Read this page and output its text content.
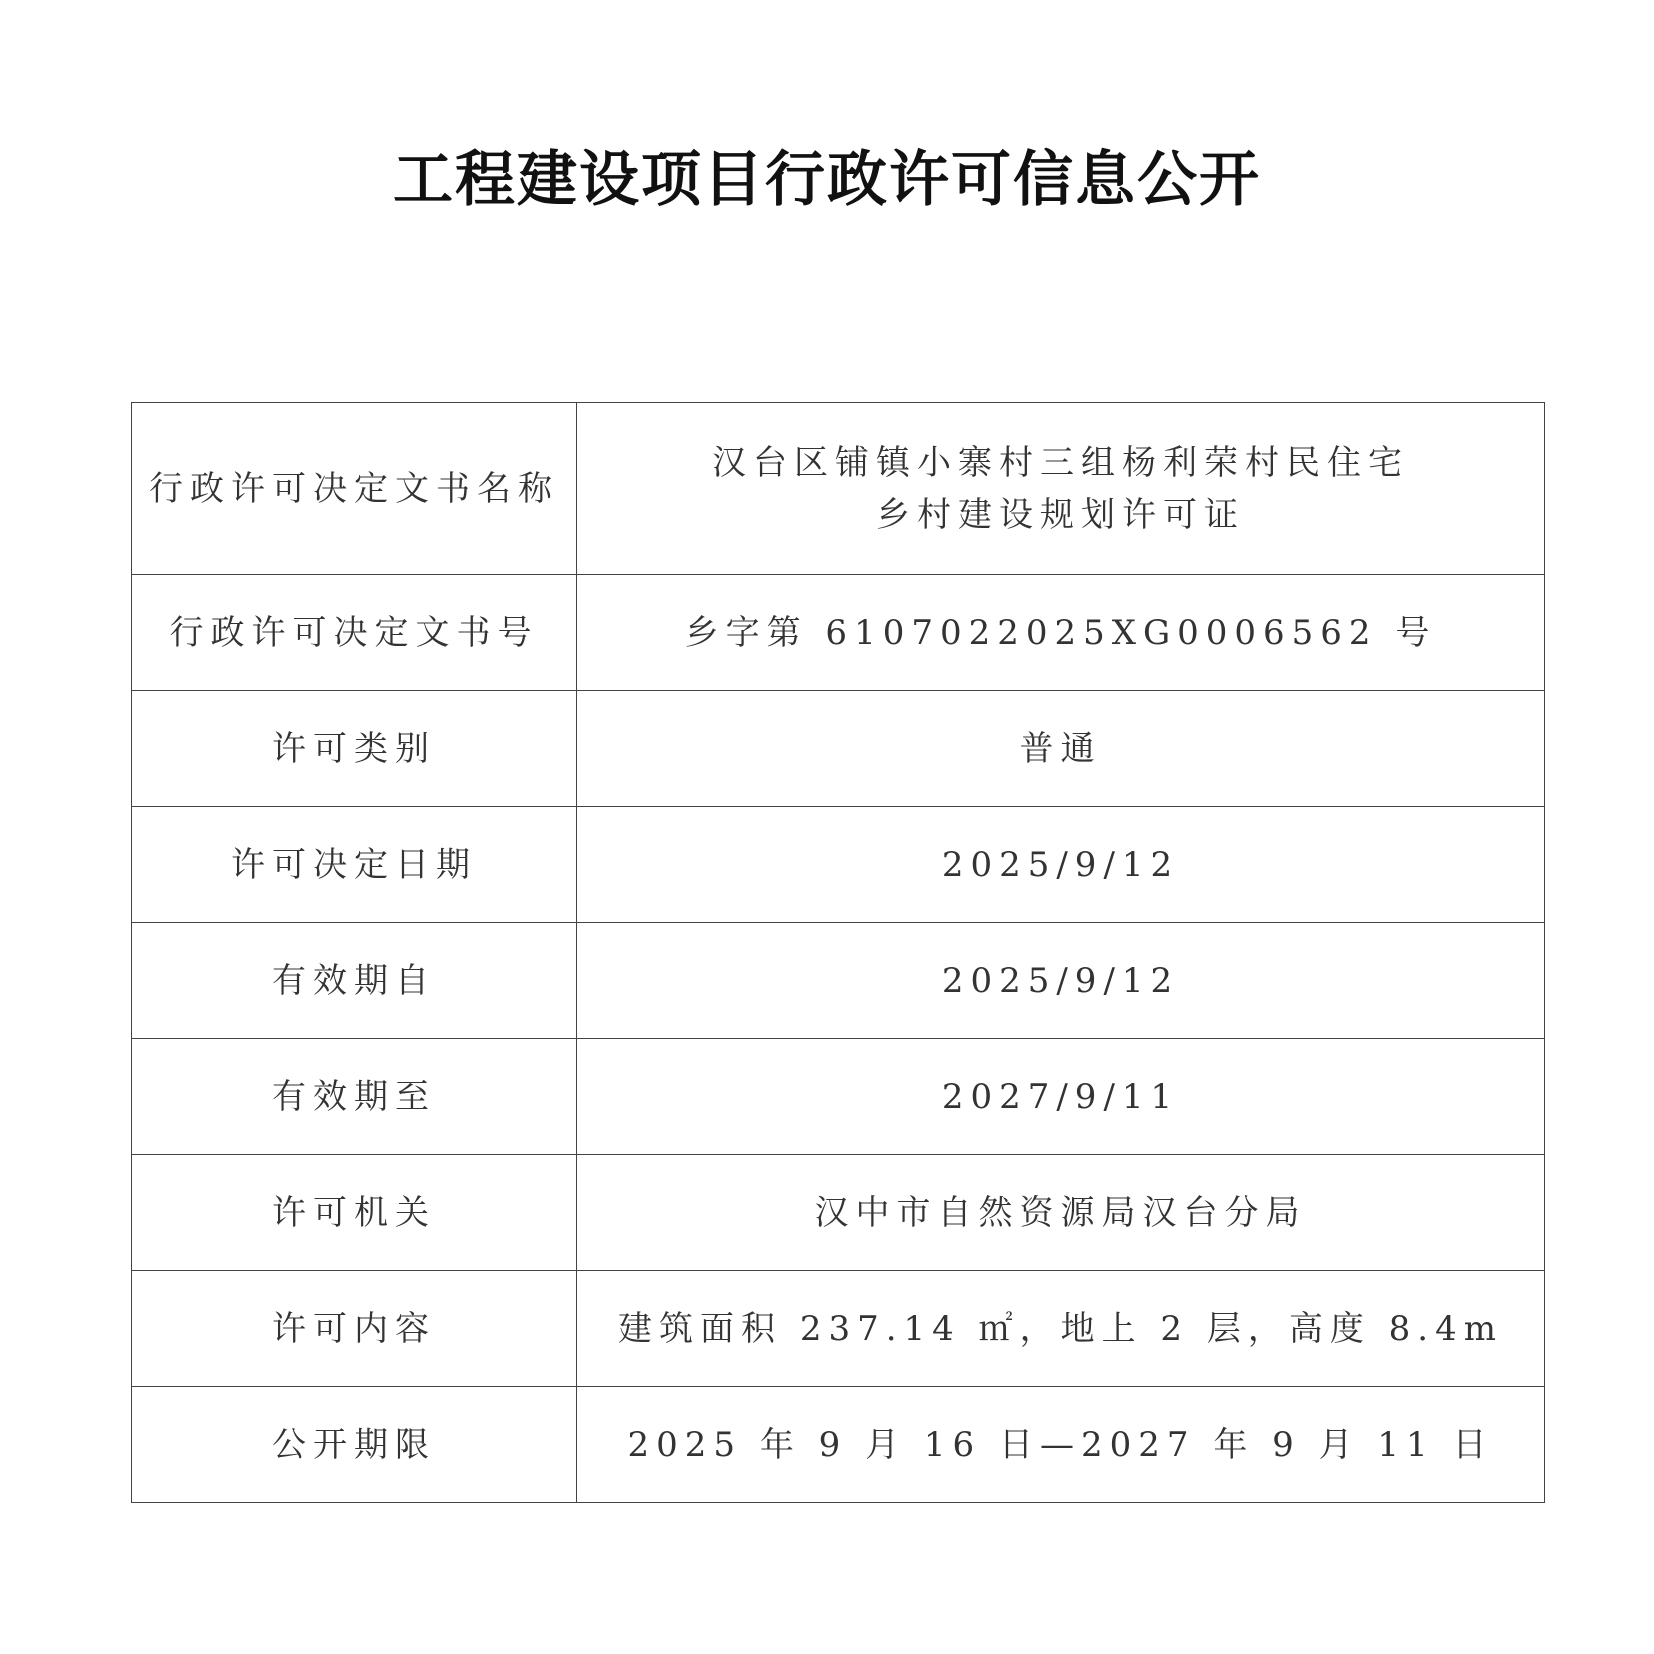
工程建设项目行政许可信息公开
行政许可决定文书名称	汉台区铺镇小寨村三组杨利荣村民住宅
乡村建设规划许可证

行政许可决定文书号	乡字第 6107022025XG0006562 号
许可类别	普通
许可决定日期	2025/9/12
有效期自	2025/9/12
有效期至	2027/9/11
许可机关	汉中市自然资源局汉台分局
许可内容	建筑面积 237.14 ㎡，地上 2 层，高度 8.4m
公开期限	2025 年 9 月 16 日—2027 年 9 月 11 日
